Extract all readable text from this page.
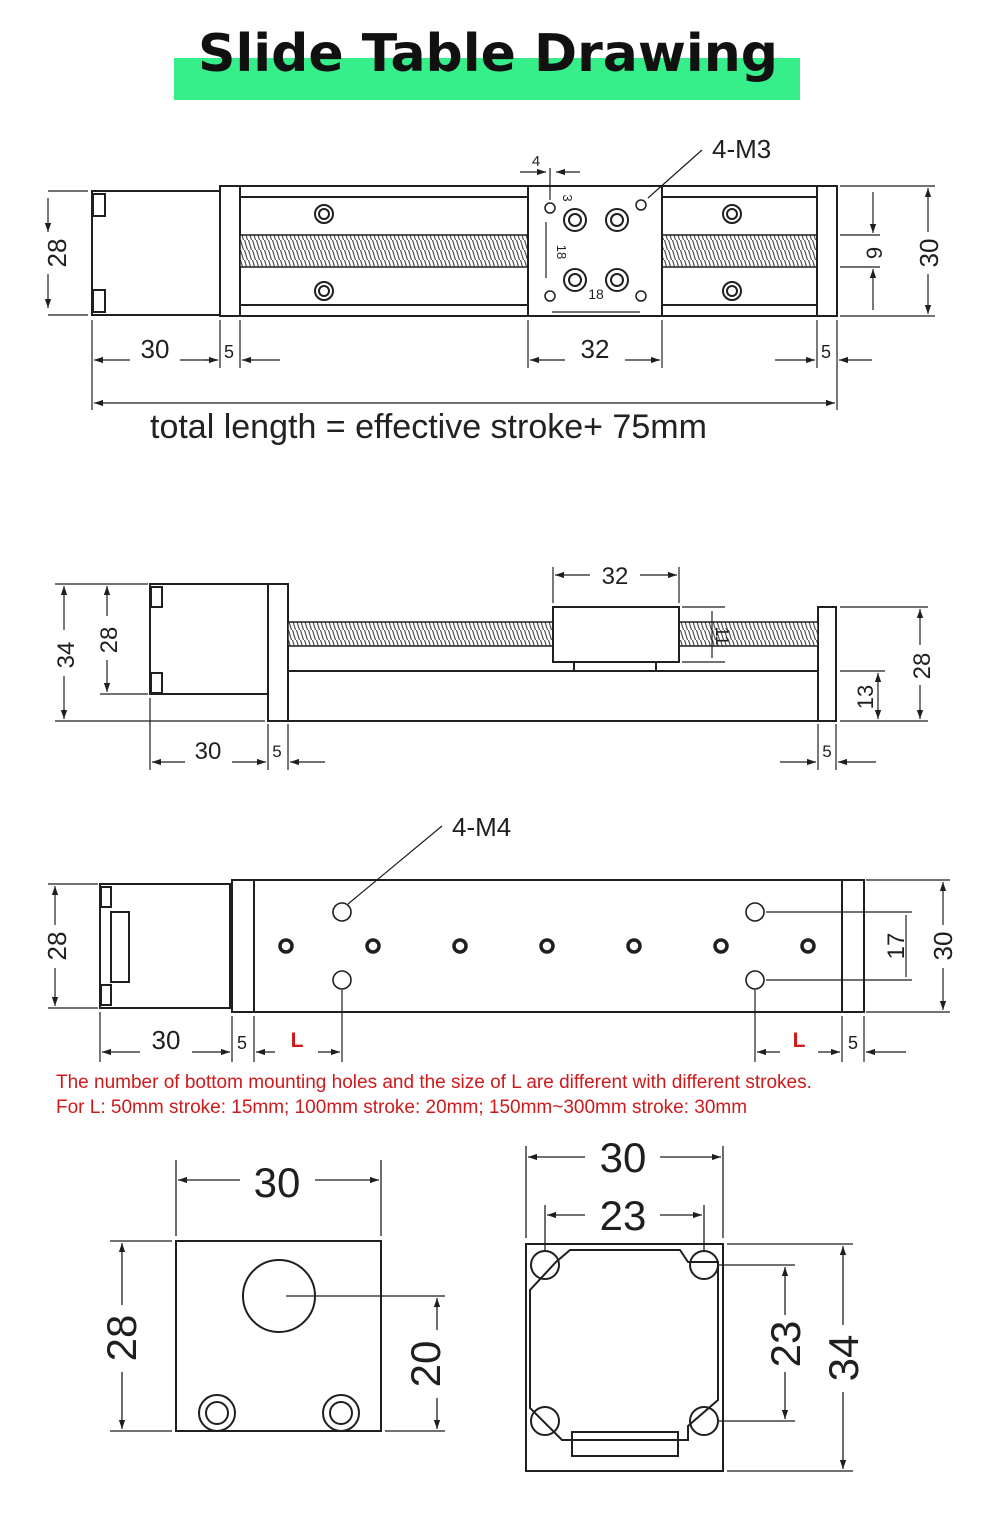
Slide Table Drawing
28	30
9
30	5	32	5
4
3
18
18
4-M3
34
28
32
11
28
13
30	5	5
28	30
17
30	5	5
L	L
4-M4
30
28
20
30
23
23 34
total length = effective stroke+ 75mm
The number of bottom mounting holes and the size of L are different with different strokes.
For L: 50mm stroke: 15mm; 100mm stroke: 20mm; 150mm~300mm stroke: 30mm
